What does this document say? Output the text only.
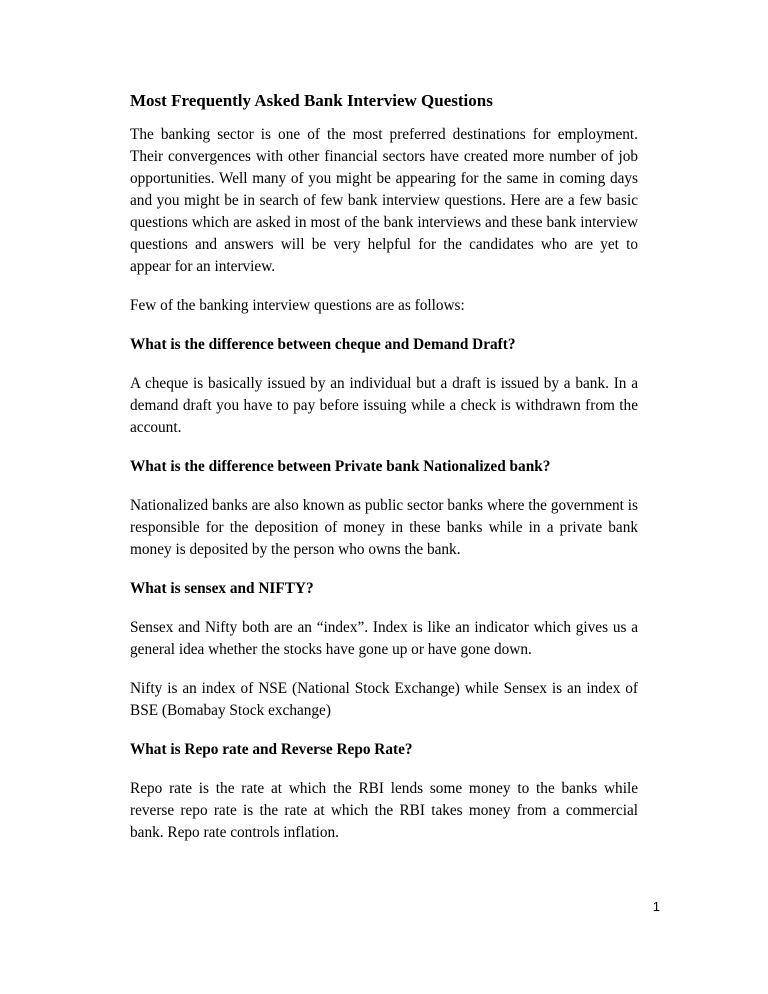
Most Frequently Asked Bank Interview Questions

The banking sector is one of the most preferred destinations for employment. Their convergences with other financial sectors have created more number of job opportunities. Well many of you might be appearing for the same in coming days and you might be in search of few bank interview questions. Here are a few basic questions which are asked in most of the bank interviews and these bank interview questions and answers will be very helpful for the candidates who are yet to appear for an interview.

Few of the banking interview questions are as follows:

What is the difference between cheque and Demand Draft?

A cheque is basically issued by an individual but a draft is issued by a bank. In a demand draft you have to pay before issuing while a check is withdrawn from the account.

What is the difference between Private bank Nationalized bank?

Nationalized banks are also known as public sector banks where the government is responsible for the deposition of money in these banks while in a private bank money is deposited by the person who owns the bank.

What is sensex and NIFTY?

Sensex and Nifty both are an “index”. Index is like an indicator which gives us a general idea whether the stocks have gone up or have gone down.

Nifty is an index of NSE (National Stock Exchange) while Sensex is an index of BSE (Bomabay Stock exchange)

What is Repo rate and Reverse Repo Rate?

Repo rate is the rate at which the RBI lends some money to the banks while reverse repo rate is the rate at which the RBI takes money from a commercial bank. Repo rate controls inflation.

1
